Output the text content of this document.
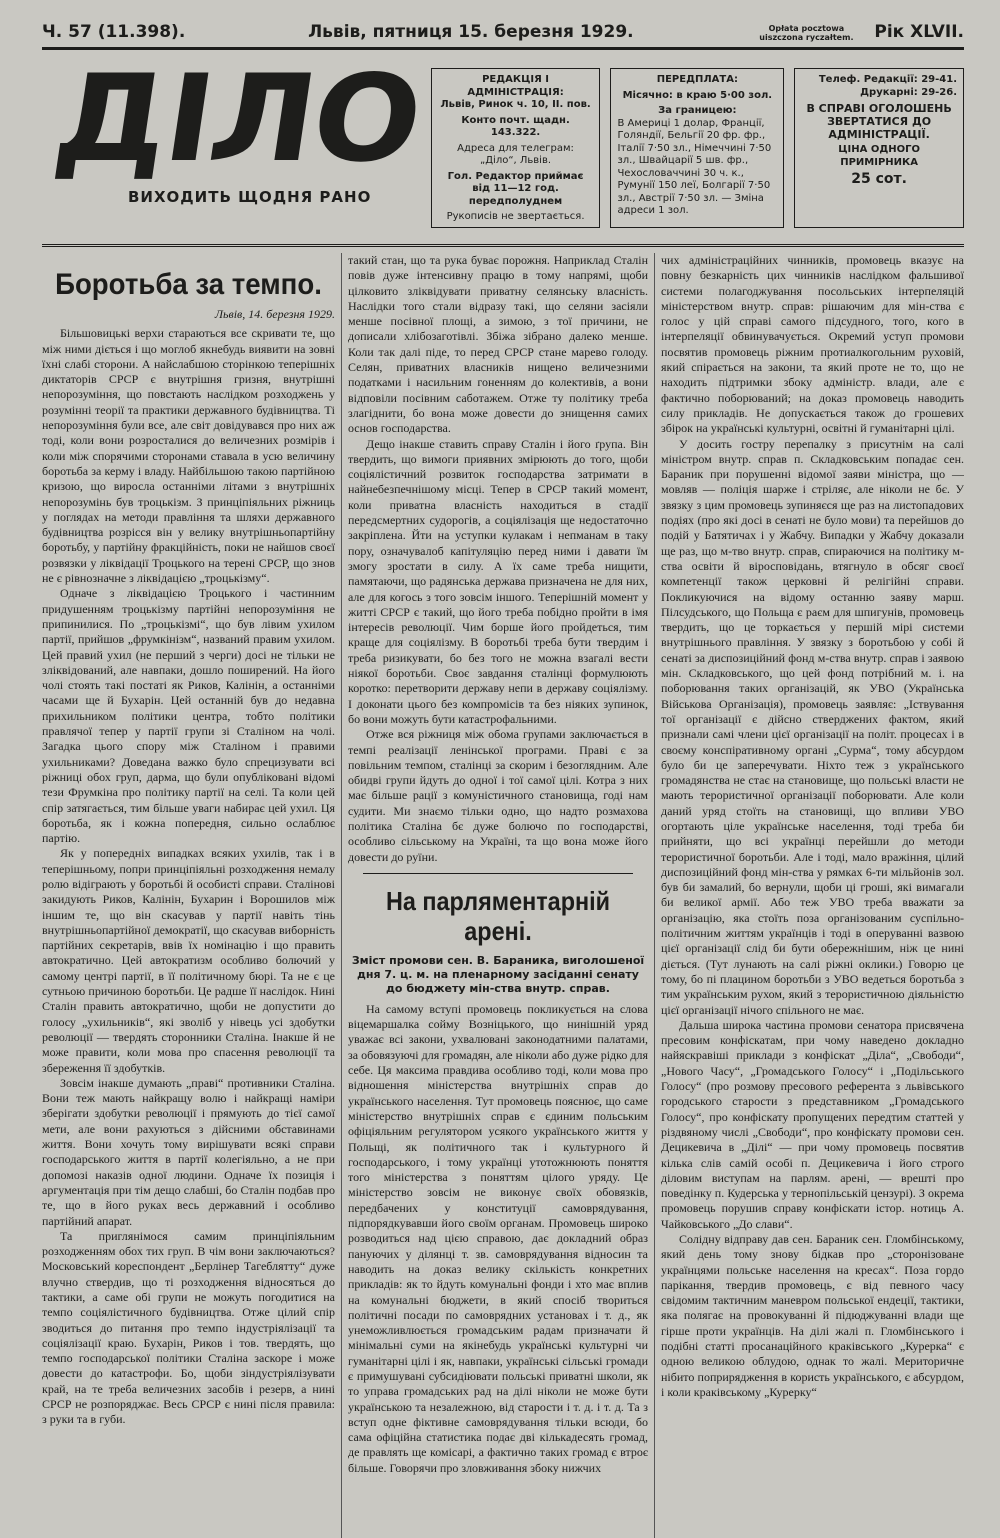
Ч. 57 (11.398).	Львів, пятниця 15. березня 1929.	Opłata pocztowa uiszczona ryczałtem. Рік XLVII.
ДІЛО
ВИХОДИТЬ ЩОДНЯ РАНО
РЕДАКЦІЯ І АДМІНІСТРАЦІЯ:
Львів, Ринок ч. 10, II. пов.
Конто почт. щадн. 143.322.
Адреса для телеграм: „Діло“, Львів.
Гол. Редактор приймає від 11—12 год. передполуднем
Рукописів не звертається.
ПЕРЕДПЛАТА:
Місячно: в краю 5·00 зол.
За границею:
В Америці 1 долар, Франції, Голяндії, Бельгії 20 фр. фр., Італії 7·50 зл., Німеччині 7·50 зл., Швайцарії 5 шв. фр., Чехословаччині 30 ч. к., Румунії 150 леї, Болгарії 7·50 зл., Австрії 7·50 зл. — Зміна адреси 1 зол.
Телеф. Редакції: 29-41.
Друкарні: 29-26.
В СПРАВІ ОГОЛОШЕНЬ ЗВЕРТАТИСЯ ДО АДМІНІСТРАЦІЇ.
ЦІНА ОДНОГО ПРИМІРНИКА
25 сот.
Боротьба за темпо.
Львів, 14. березня 1929.

Більшовицькі верхи стараються все скривати те, що між ними діється і що моглоб якнебудь виявити на зовні їхні слабі сторони. А найслабшою сторінкою теперішніх диктаторів СРСР є внутрішня гризня, внутрішні непорозуміння, що повстають наслідком розходжень у розумінні теорії та практики державного будівництва. Ті непорозуміння були все, але світ довідувався про них аж тоді, коли вони розросталися до величезних розмірів і коли між спорячими сторонами ставала в усю величину боротьба за керму і владу. Найбільшою такою партійною кризою, що виросла останніми літами з внутрішніх непорозумінь був троцькізм. З принціпіяльних ріжниць у поглядах на методи правління та шляхи державного будівництва розрісся він у велику внутрішньопартійну боротьбу, у партійну фракційність, поки не найшов своєї розвязки у ліквідації Троцького на терені СРСР, що знов не є рівнозначне з ліквідацією „троцькізму“.

Одначе з ліквідацією Троцького і частинним придушенням троцькізму партійні непорозуміння не припинилися. По „троцькізмі“, що був лівим ухилом партії, прийшов „фрумкінізм“, названий правим ухилом. Цей правий ухил (не перший з черги) досі не тільки не зліквідований, але навпаки, дошло поширений. На його чолі стоять такі постаті як Риков, Калінін, а останніми часами ще й Бухарін. Цей останній був до недавна прихильником політики центра, тобто політики правлячої тепер у партії групи зі Сталіном на чолі. Загадка цього спору між Сталіном і правими ухильниками? Доведана важко було спрецизувати всі ріжниці обох груп, дарма, що були опубліковані відомі тези Фрумкіна про політику партії на селі. Та коли цей спір затягається, тим більше уваги набирає цей ухил. Ця боротьба, як і кожна попередня, сильно ослаблює партію.

Як у попередніх випадках всяких ухилів, так і в теперішньому, попри принціпіяльні розходження немалу ролю відіграють у боротьбі й особисті справи. Сталінові закидують Риков, Калінін, Бухарин і Ворошилов між іншим те, що він скасував у партії навіть тінь внутрішньопартійної демократії, що скасував виборність партійних секретарів, ввів їх номінацію і що править автократично. Цей автократизм особливо болючий у самому центрі партії, в її політичному бюрі. Та не є це сутньою причиною боротьби. Це радше її наслідок. Нині Сталін править автократично, щоби не допустити до голосу „ухильників“, які зволіб у нівець усі здобутки революції — твердять сторонники Сталіна. Інакше й не може правити, коли мова про спасення революції та збереження її здобутків.

Зовсім інакше думають „праві“ противники Сталіна. Вони теж мають найкращу волю і найкращі наміри зберігати здобутки революції і прямують до тієї самої мети, але вони рахуються з дійсними обставинами життя. Вони хочуть тому вирішувати всякі справи господарського життя в партії колегіяльно, а не при допомозі наказів одної людини. Одначе їх позиція і аргументація при тім дещо слабші, бо Сталін подбав про те, що в його руках весь державний і особливо партійний апарат.

Та приглянімося самим принціпіяльним розходженням обох тих груп. В чім вони заключаються? Московський кореспондент „Берлінер Тагеблятту“ дуже влучно ствердив, що ті розходження відносяться до тактики, а саме обі групи не можуть погодитися на темпо соціялістичного будівництва. Отже цілий спір зводиться до питання про темпо індустріялізації та соціялізації краю. Бухарін, Риков і тов. твердять, що темпо господарської політики Сталіна заскоре і може довести до катастрофи. Бо, щоби зіндустріялізувати край, на те треба величезних засобів і резерв, а нині СРСР не розпоряджає. Весь СРСР є нині після правила: з руки та в губи.

такий стан, що та рука буває порожня. Наприклад Сталін повів дуже інтенсивну працю в тому напрямі, щоби цілковито зліквідувати приватну селянську власність. Наслідки того стали відразу такі, що селяни засіяли менше посівної площі, а зимою, з тої причини, не дописали хлібозаготівлі. Збіжа зібрано далеко менше. Коли так далі піде, то перед СРСР стане марево голоду. Селян, приватних власників нищено величезними податками і насильним гоненням до колективів, а вони відповіли посівним саботажем. Отже ту політику треба злагіднити, бо вона може довести до знищення самих основ господарства.

Дещо інакше ставить справу Сталін і його ґрупа. Він твердить, що вимоги приявних змірюють до того, щоби соціялістичний розвиток господарства затримати в найнебезпечнішому місці. Тепер в СРСР такий момент, коли приватна власність находиться в стадії передсмертних судорогів, а соціялізація ще недостаточно закріплена. Йти на уступки кулакам і непманам в таку пору, означувалоб капітуляцію перед ними і давати їм змогу зростати в силу. А їх саме треба нищити, памятаючи, що радянська держава призначена не для них, але для когось з того зовсім іншого. Теперішній момент у житті СРСР є такий, що його треба побідно пройти в імя інтересів революції. Чим борше його пройдеться, тим краще для соціялізму. В боротьбі треба бути твердим і треба ризикувати, бо без того не можна взагалі вести ніякої боротьби. Своє завдання сталінці формулюють коротко: перетворити державу непи в державу соціялізму. І доконати цього без компромісів та без ніяких зупинок, бо вони можуть бути катастрофальними.

Отже вся ріжниця між обома групами заключається в темпі реалізації ленінської програми. Праві є за повільним темпом, сталінці за скорим і безоглядним. Але обидві групи йдуть до одної і тої самої цілі. Котра з них має більше рації з комуністичного становища, годі нам судити. Ми знаємо тільки одно, що надто розмахова політика Сталіна бє дуже болючо по господарстві, особливо сільському на Україні, та що вона може його довести до руїни.

На парляментарній арені.
Зміст промови сен. В. Бараника, виголошеної дня 7. ц. м. на пленарному засіданні сенату до бюджету мін-ства внутр. справ.

На самому вступі промовець покликується на слова віцемаршалка сойму Возніцького, що нинішній уряд уважає всі закони, ухвалювані законодатними палатами, за обовязуючі для громадян, але ніколи або дуже рідко для себе. Ця максима правдива особливо тоді, коли мова про відношення міністерства внутрішніх справ до українського населення. Тут промовець пояснює, що саме міністерство внутрішніх справ є єдиним польським офіціяльним регулятором усякого українського життя у Польщі, як політичного так і культурного й господарського, і тому українці утотожнюють поняття того міністерства з поняттям цілого уряду. Це міністерство зовсім не виконує своїх обовязків, передбачених у конституції самоврядування, підпорядкувавши його своїм органам. Промовець широко розводиться над цією справою, дає докладний образ пануючих у ділянці т. зв. самоврядування відносин та наводить на доказ велику скількість конкретних прикладів: як то йдуть комунальні фонди і хто має вплив на комунальні бюджети, в який спосіб твориться політичні посади по самоврядних установах і т. д., як унеможливлюється громадським радам призначати й мінімальні суми на якінебудь українські культурні чи гуманітарні цілі і як, навпаки, українські сільські громади є примушувані субсидіювати польські приватні школи, як то управа громадських рад на ділі ніколи не може бути українською та незалежною, від старости і т. д. і т. д. Та з вступ одне фіктивне самоврядування тільки всюди, бо сама офіційна статистика подає дві кількадесять громад, де правлять ще комісарі, а фактично таких громад є втроє більше. Говорячи про зловживання збоку нижчих

чих адміністраційних чинників, промовець вказує на повну безкарність цих чинників наслідком фальшивої системи полагоджування посольських інтерпеляцій міністерством внутр. справ: рішаючим для мін-ства є голос у цій справі самого підсудного, того, кого в інтерпеляції обвинувачується. Окремий уступ промови посвятив промовець ріжним протиалкогольним руховій, який спірається на закони, та який проте не то, що не находить підтримки збоку адміністр. влади, але є фактично поборюваний; на доказ промовець наводить силу прикладів. Не допускається також до грошевих збірок на українські культурні, освітні й гуманітарні цілі.

У досить гостру перепалку з присутнім на салі міністром внутр. справ п. Складковським попадає сен. Бараник при порушенні відомої заяви міністра, що — мовляв — поліція шарже і стріляє, але ніколи не бє. У звязку з цим промовець зупиняєся ще раз на листопадових подіях (про які досі в сенаті не було мови) та перейшов до подій у Батятичах і у Жабчу. Випадки у Жабчу доказали ще раз, що м-тво внутр. справ, спираючися на політику м-ства освіти й віросповідань, втягнуло в обсяг своєї компетенції також церковні й релігійні справи. Покликуючися на відому останню заяву марш. Пілсудського, що Польща є раєм для шпигунів, промовець твердить, що це торкається у першій мірі системи внутрішнього правління. У звязку з боротьбою у собі й сенаті за диспозиційний фонд м-ства внутр. справ і заявою мін. Складковського, що цей фонд потрібний м. і. на поборювання таких організацій, як УВО (Українська Військова Організація), промовець заявляє: „Іствування тої організації є дійсно стверджених фактом, який признали самі члени цієї організації на політ. процесах і в своєму конспіративному органі „Сурма“, тому абсурдом було би це заперечувати. Ніхто теж з українського громадянства не стає на становище, що польські власти не мають терористичної організації поборювати. Але коли даний уряд стоїть на становищі, що впливи УВО огортають ціле українське населення, тоді треба би прийняти, що всі українці перейшли до методи терористичної боротьби. Але і тоді, мало вражіння, цілий диспозиційний фонд мін-ства у рямках 6-ти мільйонів зол. був би замалий, бо вернули, щоби ці гроші, які вимагали би великої армії. Або теж УВО треба вважати за організацію, яка стоїть поза організованим суспільно-політичним життям українців і тоді в оперуванні вазвою цієї організації слід би бути обережнішим, ніж це нині діється. (Тут лунають на салі ріжні оклики.) Говорю це тому, бо пі плацином боротьби з УВО ведеться боротьба з тим українським рухом, який з терористичною діяльністю цієї організації нічого спільного не має.

Дальша широка частина промови сенатора присвячена пресовим конфіскатам, при чому наведено докладно найяскравіші приклади з конфіскат „Діла“, „Свободи“, „Нового Часу“, „Громадського Голосу“ і „Подільського Голосу“ (про розмову пресового референта з львівського городського старости з представником „Громадського Голосу“, про конфіскату пропущених передтим статтей у різдвяному числі „Свободи“, про конфіскату промови сен. Децикевича в „Ділі“ — при чому промовець посвятив кілька слів самій особі п. Децикевича і його строго діловим виступам на парлям. арені, — врешті про поведінку п. Кудерська у тернопільській цензурі). З окрема промовець порушив справу конфіскати істор. нотиць А. Чайковського „До слави“.

Солідну відправу дав сен. Бараник сен. Гломбінському, який день тому знову бідкав про „сторонізоване українцями польське населення на кресах“. Поза гордо парікання, твердив промовець, є від певного часу свідомим тактичним маневром польської ендеції, тактики, яка полягає на провокуванні й підюджуванні влади ще гірше проти українців. На ділі жалі п. Гломбінського і подібні статті просанаційного краківського „Курерка“ є одною великою облудою, однак то жалі. Мериторичне нібито поприрядження в користь українського, є абсурдом, і коли краківському „Курерку“
